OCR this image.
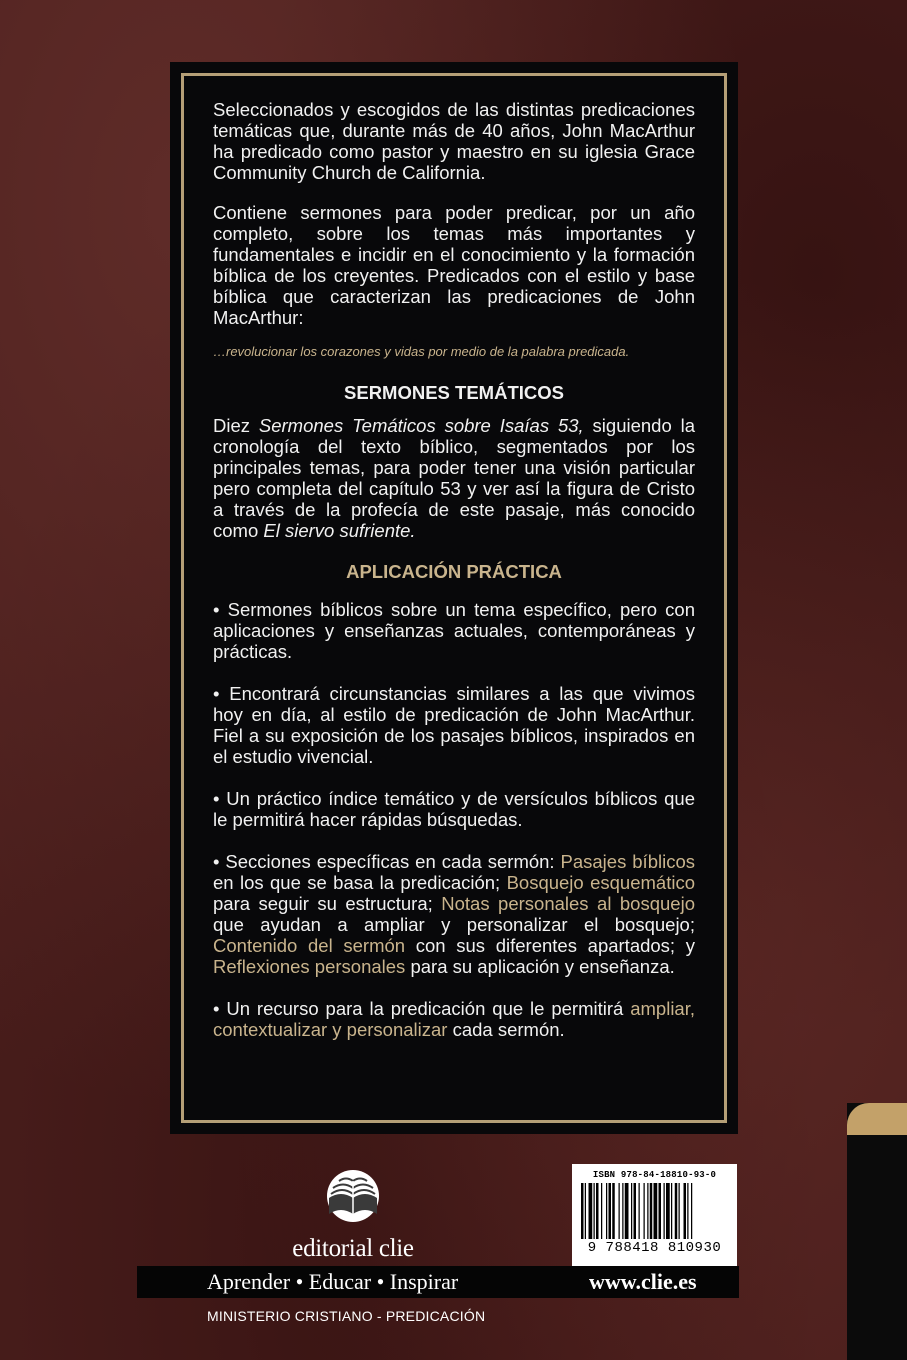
Seleccionados y escogidos de las distintas predicaciones temáticas que, durante más de 40 años, John MacArthur ha predicado como pastor y maestro en su iglesia Grace Community Church de California.

Contiene sermones para poder predicar, por un año completo, sobre los temas más importantes y fundamentales e incidir en el conocimiento y la formación bíblica de los creyentes. Predicados con el estilo y base bíblica que caracterizan las predicaciones de John MacArthur:

…revolucionar los corazones y vidas por medio de la palabra predicada.

SERMONES TEMÁTICOS

Diez Sermones Temáticos sobre Isaías 53, siguiendo la cronología del texto bíblico, segmentados por los principales temas, para poder tener una visión particular pero completa del capítulo 53 y ver así la figura de Cristo a través de la profecía de este pasaje, más conocido como El siervo sufriente.

APLICACIÓN PRÁCTICA

• Sermones bíblicos sobre un tema específico, pero con aplicaciones y enseñanzas actuales, contemporáneas y prácticas.

• Encontrará circunstancias similares a las que vivimos hoy en día, al estilo de predicación de John MacArthur. Fiel a su exposición de los pasajes bíblicos, inspirados en el estudio vivencial.

• Un práctico índice temático y de versículos bíblicos que le permitirá hacer rápidas búsquedas.

• Secciones específicas en cada sermón: Pasajes bíblicos en los que se basa la predicación; Bosquejo esquemático para seguir su estructura; Notas personales al bosquejo que ayudan a ampliar y personalizar el bosquejo; Contenido del sermón con sus diferentes apartados; y Reflexiones personales para su aplicación y enseñanza.

• Un recurso para la predicación que le permitirá ampliar, contextualizar y personalizar cada sermón.

editorial clie
ISBN 978-84-18810-93-0
9 788418 810930
Aprender • Educar • Inspirar	www.clie.es
MINISTERIO CRISTIANO - PREDICACIÓN
